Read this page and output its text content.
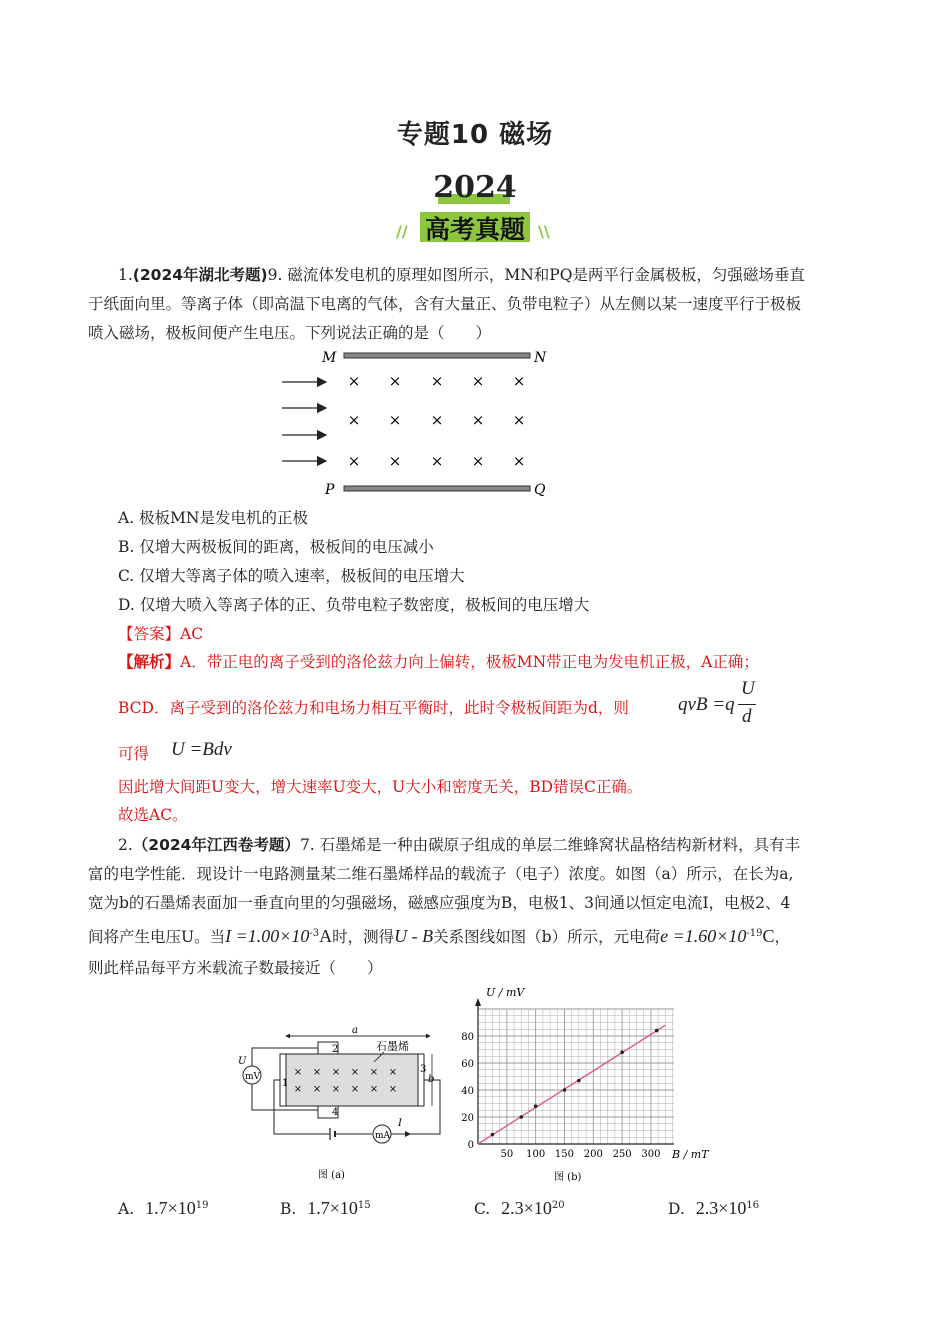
专题10 磁场
2024
高考真题
//	\\
1.(2024年湖北考题)9. 磁流体发电机的原理如图所示，MN和PQ是两平行金属极板，匀强磁场垂直
于纸面向里。等离子体（即高温下电离的气体，含有大量正、负带电粒子）从左侧以某一速度平行于极板
喷入磁场，极板间便产生电压。下列说法正确的是（　　）
M	N
P	Q
× × × × ×
× × × × ×
× × × × ×
A. 极板MN是发电机的正极
B. 仅增大两极板间的距离，极板间的电压减小
C. 仅增大等离子体的喷入速率，极板间的电压增大
D. 仅增大喷入等离子体的正、负带电粒子数密度，极板间的电压增大
【答案】AC
【解析】A．带正电的离子受到的洛伦兹力向上偏转，极板MN带正电为发电机正极，A正确；
BCD．离子受到的洛伦兹力和电场力相互平衡时，此时令极板间距为d，则	qvB =q
U
d
可得 U =Bdv
因此增大间距U变大，增大速率U变大，U大小和密度无关，BD错误C正确。
故选AC。
2.（2024年江西卷考题）7. 石墨烯是一种由碳原子组成的单层二维蜂窝状晶格结构新材料，具有丰
富的电学性能．现设计一电路测量某二维石墨烯样品的载流子（电子）浓度。如图（a）所示，在长为a,
宽为b的石墨烯表面加一垂直向里的匀强磁场，磁感应强度为B，电极1、3间通以恒定电流I，电极2、4
间将产生电压U。当$I =1.00\times 10^{-3}A$时，测得U - B关系图线如图（b）所示，元电荷$e =1.60\times 10^{-19}C$，
则此样品每平方米载流子数最接近（　　）
a
1
3
2
4
石墨烯
× × × × × ×
× × × × × ×
b
mV
U
mA
I
图 (a)
0
20
40
60
80
50 100 150 200 250 300
U / mV
B / mT
图 (b)
A. $1.7\times 10^{19}$	B. $1.7\times 10^{15}$	C. $2.3\times 10^{20}$	D. $2.3\times 10^{16}$
